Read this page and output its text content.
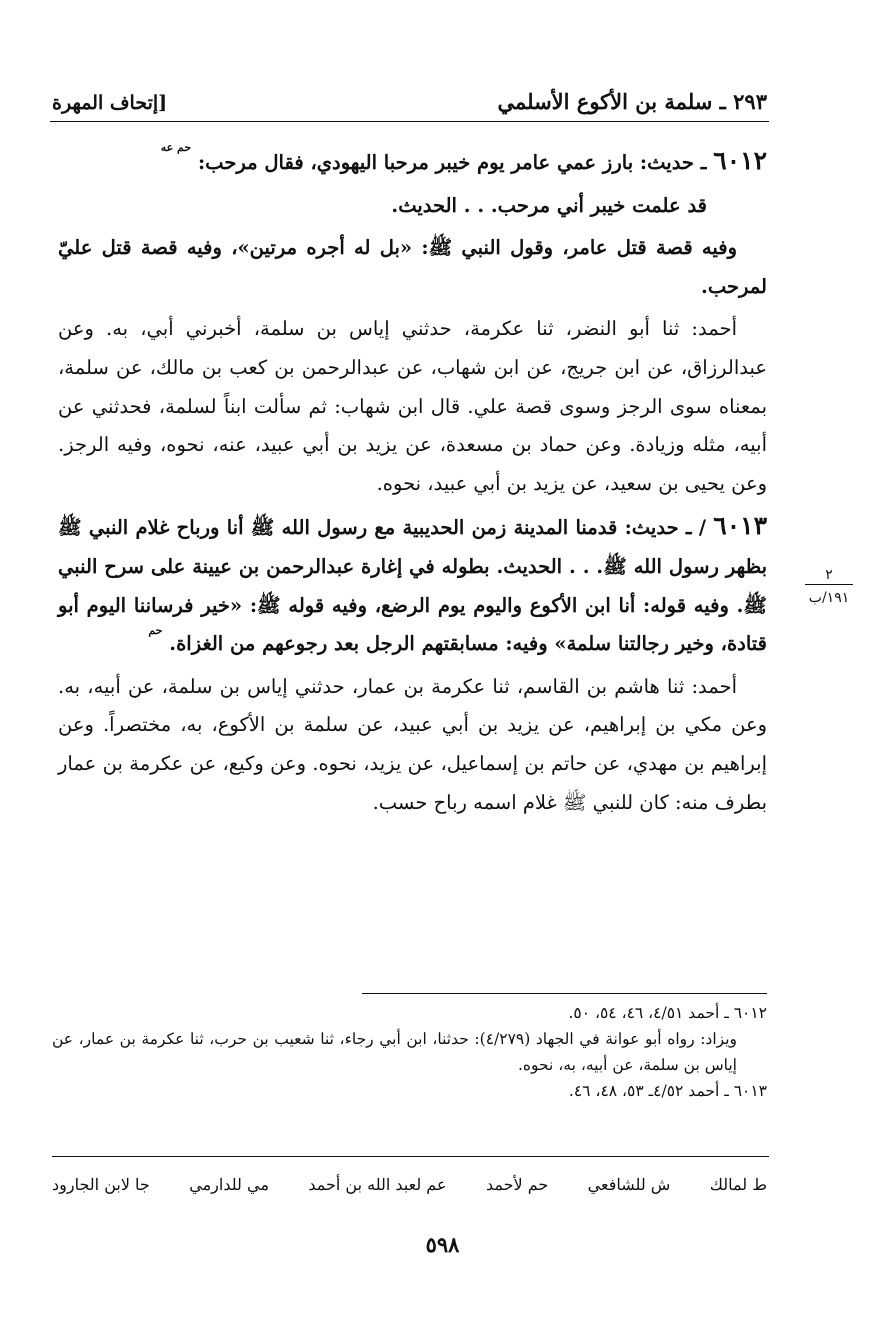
٢٩٣ ـ سلمة بن الأكوع الأسلمي
[إتحاف المهرة

٦٠١٢ ـ حديث: بارز عمي عامر يوم خيبر مرحبا اليهودي، فقال مرحب: حم عه

قد علمت خيبر أني مرحب. . . الحديث.

وفيه قصة قتل عامر، وقول النبي ﷺ: «بل له أجره مرتين»، وفيه قصة قتل عليّ لمرحب.

أحمد: ثنا أبو النضر، ثنا عكرمة، حدثني إياس بن سلمة، أخبرني أبي، به. وعن عبدالرزاق، عن ابن جريج، عن ابن شهاب، عن عبدالرحمن بن كعب بن مالك، عن سلمة، بمعناه سوى الرجز وسوى قصة علي. قال ابن شهاب: ثم سألت ابناً لسلمة، فحدثني عن أبيه، مثله وزيادة. وعن حماد بن مسعدة، عن يزيد بن أبي عبيد، عنه، نحوه، وفيه الرجز. وعن يحيى بن سعيد، عن يزيد بن أبي عبيد، نحوه.

٦٠١٣ / ـ حديث: قدمنا المدينة زمن الحديبية مع رسول الله ﷺ أنا ورباح غلام النبي ﷺ بظهر رسول الله ﷺ. . . الحديث. بطوله في إغارة عبدالرحمن بن عيينة على سرح النبي ﷺ. وفيه قوله: أنا ابن الأكوع واليوم يوم الرضع، وفيه قوله ﷺ: «خير فرساننا اليوم أبو قتادة، وخير رجالتنا سلمة» وفيه: مسابقتهم الرجل بعد رجوعهم من الغزاة. حم

أحمد: ثنا هاشم بن القاسم، ثنا عكرمة بن عمار، حدثني إياس بن سلمة، عن أبيه، به. وعن مكي بن إبراهيم، عن يزيد بن أبي عبيد، عن سلمة بن الأكوع، به، مختصراً. وعن إبراهيم بن مهدي، عن حاتم بن إسماعيل، عن يزيد، نحوه. وعن وكيع، عن عكرمة بن عمار بطرف منه: كان للنبي ﷺ غلام اسمه رباح حسب.

٢
١٩١/ب

٦٠١٢ ـ أحمد ٤/٥١، ٤٦، ٥٤، ٥٠.

ويزاد: رواه أبو عوانة في الجهاد (٤/٢٧٩): حدثنا، ابن أبي رجاء، ثنا شعيب بن حرب، ثنا عكرمة بن عمار، عن إياس بن سلمة، عن أبيه، به، نحوه.

٦٠١٣ ـ أحمد ٤/٥٢ـ ٥٣، ٤٨، ٤٦.

ط لمالك
ش للشافعي
حم لأحمد
عم لعبد الله بن أحمد
مي للدارمي
جا لابن الجارود
٥٩٨
